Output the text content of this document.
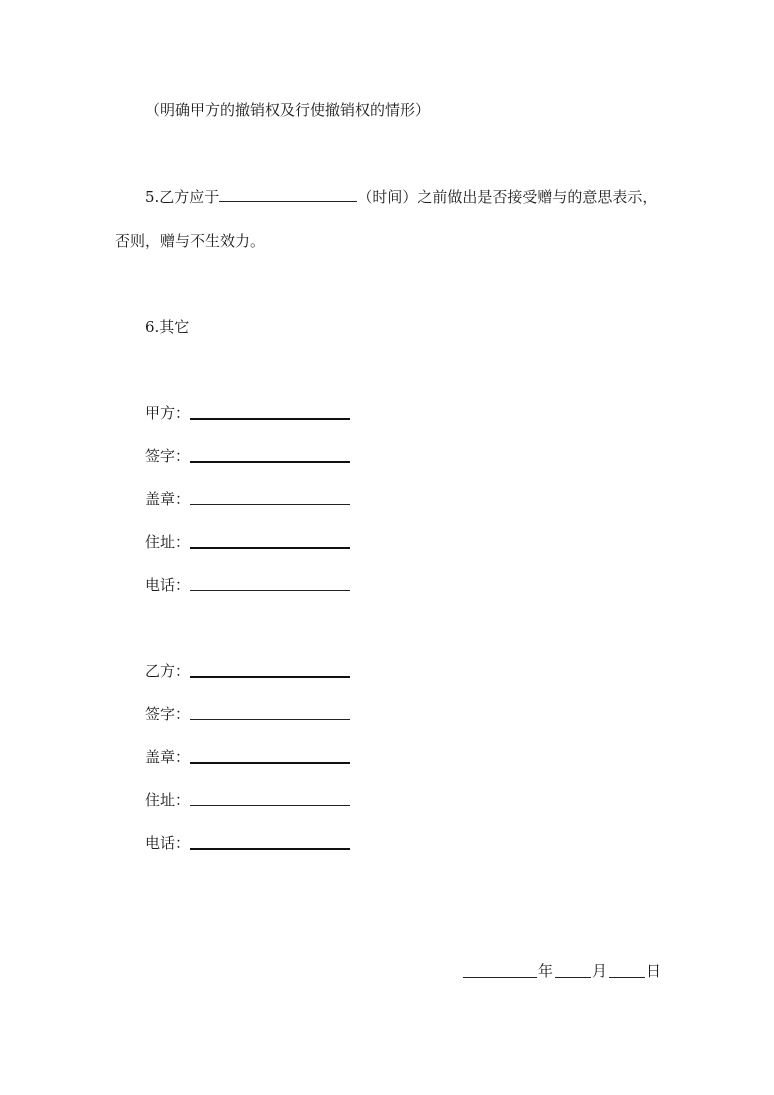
（明确甲方的撤销权及行使撤销权的情形）
5.乙方应于	（时间）之前做出是否接受赠与的意思表示，
否则，赠与不生效力。
6.其它
甲方：
签字：
盖章：
住址：
电话：
乙方：
签字：
盖章：
住址：
电话：
年	月	日
